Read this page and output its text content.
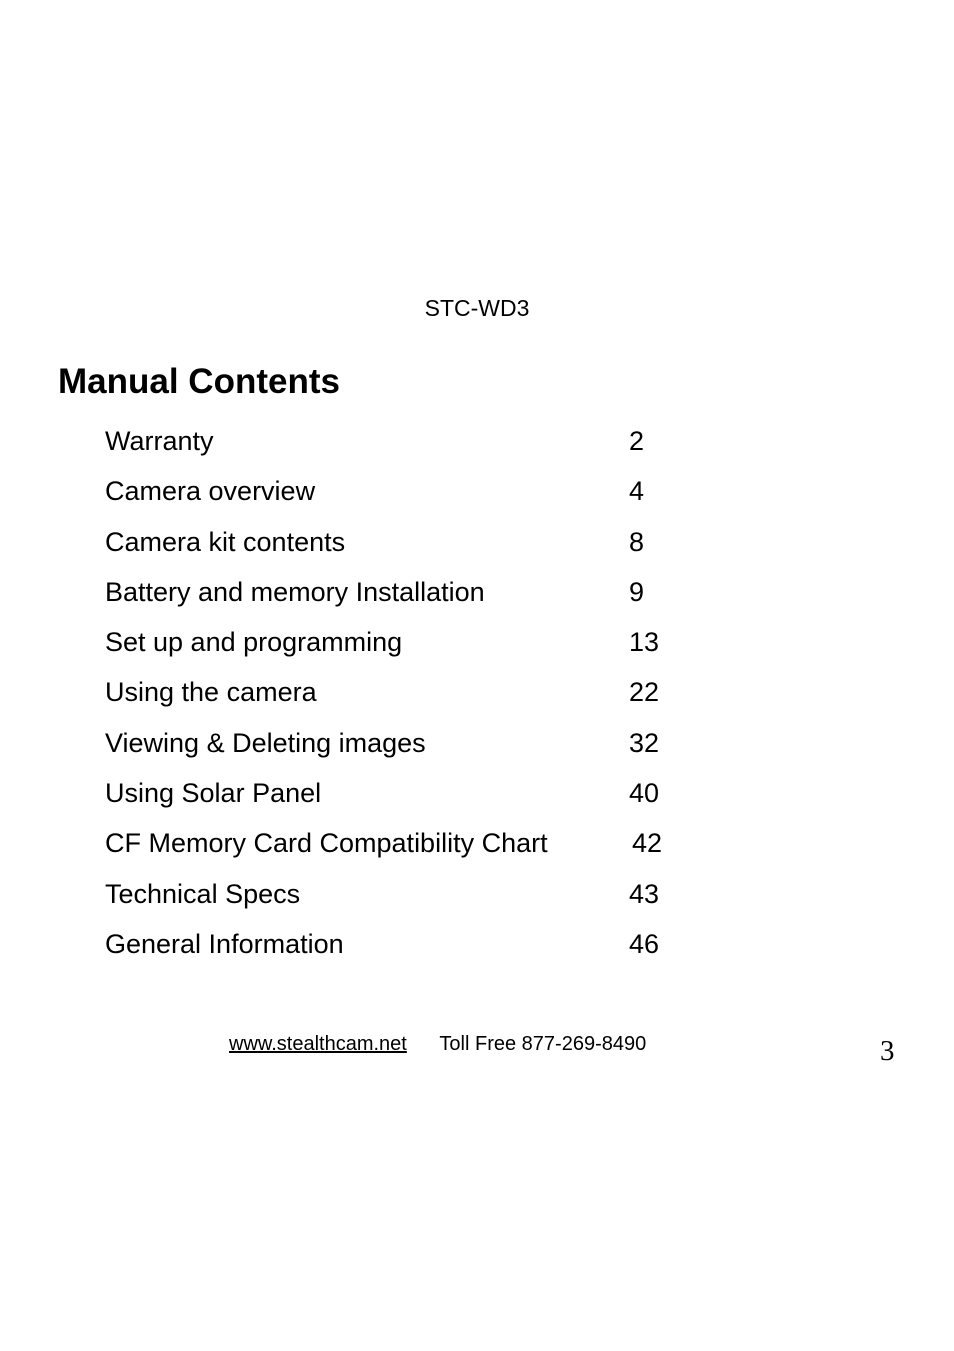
STC-WD3
Manual Contents
Warranty	2
Camera overview	4
Camera kit contents	8
Battery and memory Installation	9
Set up and programming	13
Using the camera	22
Viewing & Deleting images	32
Using Solar Panel	40
CF Memory Card Compatibility Chart	42
Technical Specs	43
General Information	46
www.stealthcam.net Toll Free 877-269-8490	3
